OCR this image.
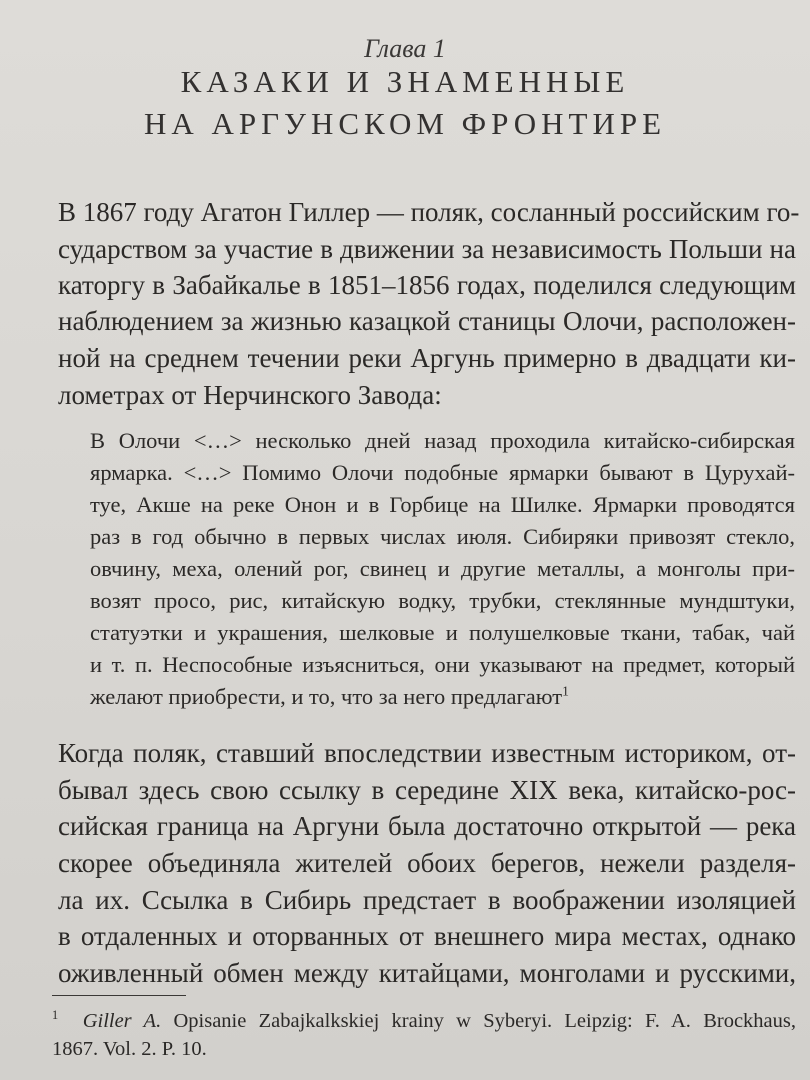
Глава 1
КАЗАКИ И ЗНАМЕННЫЕ
НА АРГУНСКОМ ФРОНТИРЕ
В 1867 году Агатон Гиллер — поляк, сосланный российским го-
сударством за участие в движении за независимость Польши на
каторгу в Забайкалье в 1851–1856 годах, поделился следующим
наблюдением за жизнью казацкой станицы Олочи, расположен-
ной на среднем течении реки Аргунь примерно в двадцати ки-
лометрах от Нерчинского Завода:
В Олочи <…> несколько дней назад проходила китайско-сибирская
ярмарка. <…> Помимо Олочи подобные ярмарки бывают в Цурухай-
туе, Акше на реке Онон и в Горбице на Шилке. Ярмарки проводятся
раз в год обычно в первых числах июля. Сибиряки привозят стекло,
овчину, меха, олений рог, свинец и другие металлы, а монголы при-
возят просо, рис, китайскую водку, трубки, стеклянные мундштуки,
статуэтки и украшения, шелковые и полушелковые ткани, табак, чай
и т. п. Неспособные изъясниться, они указывают на предмет, который
желают приобрести, и то, что за него предлагают$^1$
Когда поляк, ставший впоследствии известным историком, от-
бывал здесь свою ссылку в середине XIX века, китайско-рос-
сийская граница на Аргуни была достаточно открытой — река
скорее объединяла жителей обоих берегов, нежели разделя-
ла их. Ссылка в Сибирь предстает в воображении изоляцией
в отдаленных и оторванных от внешнего мира местах, однако
оживленный обмен между китайцами, монголами и русскими,
$^1$ Giller A. Opisanie Zabajkalkskiej krainy w Syberyi. Leipzig: F. A. Brockhaus,
1867. Vol. 2. P. 10.
